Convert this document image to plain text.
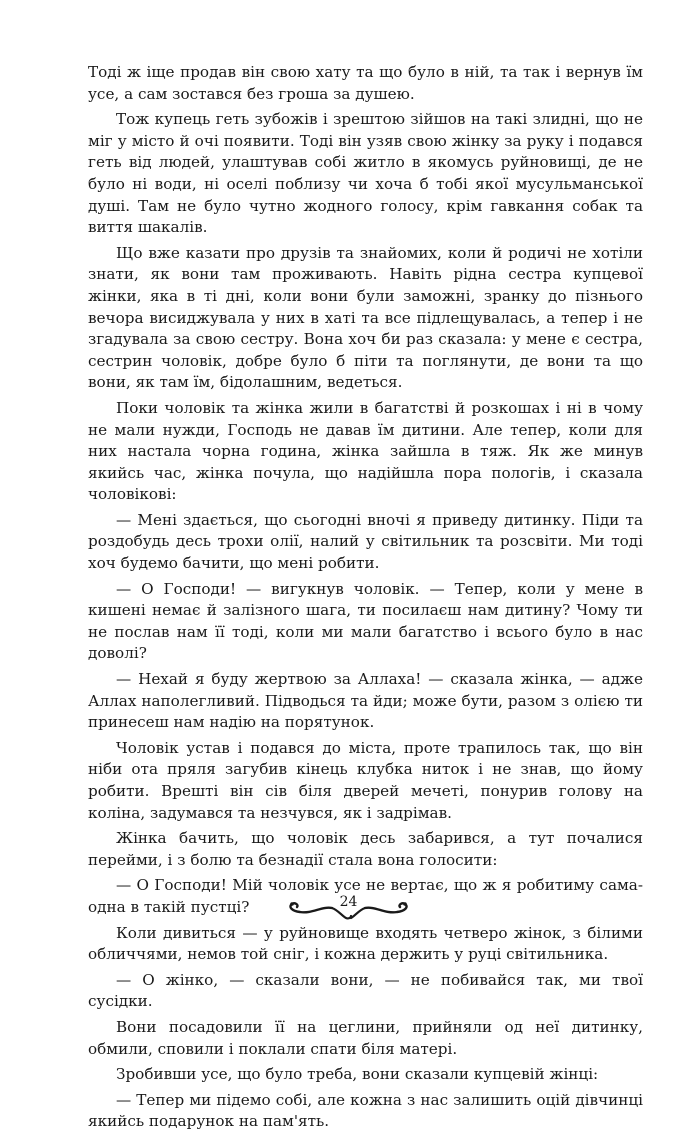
Тоді ж іще продав він свою хату та що було в ній, та так і вернув їм усе, а сам зостався без гроша за душею.

Тож купець геть зубожів і зрештою зійшов на такі злидні, що не міг у місто й очі появити. Тоді він узяв свою жінку за руку і подався геть від людей, улаштував собі житло в якомусь руйновищі, де не було ні води, ні оселі поблизу чи хоча б тобі якої мусульманської душі. Там не було чутно жодного голосу, крім гавкання собак та виття шакалів.

Що вже казати про друзів та знайомих, коли й родичі не хотіли знати, як вони там проживають. Навіть рідна сестра купцевої жінки, яка в ті дні, коли вони були заможні, зранку до пізнього вечора висиджувала у них в хаті та все підлещувалась, а тепер і не згадувала за свою сестру. Вона хоч би раз сказала: у мене є сестра, сестрин чоловік, добре було б піти та поглянути, де вони та що вони, як там їм, бідолашним, ведеться.

Поки чоловік та жінка жили в багатстві й розкошах і ні в чому не мали нужди, Господь не давав їм дитини. Але тепер, коли для них настала чорна година, жінка зайшла в тяж. Як же минув якийсь час, жінка почула, що надійшла пора пологів, і сказала чоловікові:

— Мені здається, що сьогодні вночі я приведу дитинку. Піди та роздобудь десь трохи олії, налий у світильник та розсвіти. Ми тоді хоч будемо бачити, що мені робити.

— О Господи! — вигукнув чоловік. — Тепер, коли у мене в кишені немає й залізного шага, ти посилаєш нам дитину? Чому ти не послав нам її тоді, коли ми мали багатство і всього було в нас доволі?

— Нехай я буду жертвою за Аллаха! — сказала жінка, — адже Аллах наполегливий. Підводься та йди; може бути, разом з олією ти принесеш нам надію на порятунок.

Чоловік устав і подався до міста, проте трапилось так, що він ніби ота пряля загубив кінець клубка ниток і не знав, що йому робити. Врешті він сів біля дверей мечеті, понурив голову на коліна, задумався та незчувся, як і задрімав.

Жінка бачить, що чоловік десь забарився, а тут почалися перейми, і з болю та безнадії стала вона голосити:

— О Господи! Мій чоловік усе не вертає, що ж я робитиму сама-одна в такій пустці?

Коли дивиться — у руйновище входять четверо жінок, з білими обличчями, немов той сніг, і кожна держить у руці світильника.

— О жінко, — сказали вони, — не побивайся так, ми твої сусідки.

Вони посадовили її на цеглини, прийняли од неї дитинку, обмили, сповили і поклали спати біля матері.

Зробивши усе, що було треба, вони сказали купцевій жінці:

— Тепер ми підемо собі, але кожна з нас залишить оцій дівчинці якийсь подарунок на пам'ять.

24
